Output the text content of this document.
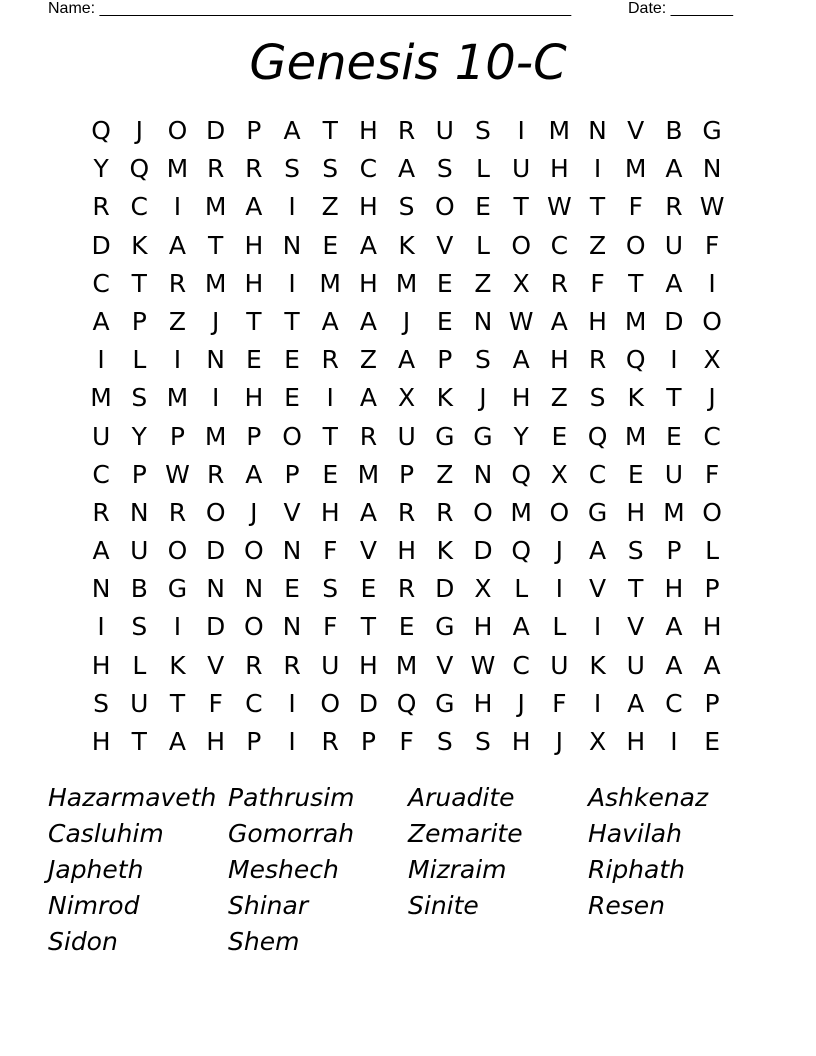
Name: _____________________________________________________	Date: _______
Genesis 10-C
Q J O D P A T H R U S	I M N V B G
Y Q M R R S S C A S L U H	I M A N
R C	I M A	I	Z H S O E T W T F R W
D K A T H N E A K V L O C Z O U F
C T R M H	I M H M E Z X R F T A	I
A P Z	J	T T A A	J	E N W A H M D O
I	L	I	N E E R Z A P S A H R Q I	X
M S M I	H E	I	A X K	J	H Z S K T	J
U Y P M P O T R U G G Y E Q M E C
C P W R A P E M P Z N Q X C E U F
R N R O J	V H A R R O M O G H M O
A U O D O N F V H K D Q J	A S P L
N B G N N E S E R D X L	I	V T H P
I	S	I D O N F T E G H A L	I	V A H
H L K V R R U H M V W C U K U A A
S U T F C	I O D Q G H	J	F	I	A C P
H T A H P	I	R P F S S H	J	X H	I	E
Hazarmaveth Pathrusim	Aruadite	Ashkenaz
Casluhim	Gomorrah	Zemarite	Havilah
Japheth	Meshech	Mizraim	Riphath
Nimrod	Shinar	Sinite	Resen
Sidon	Shem
